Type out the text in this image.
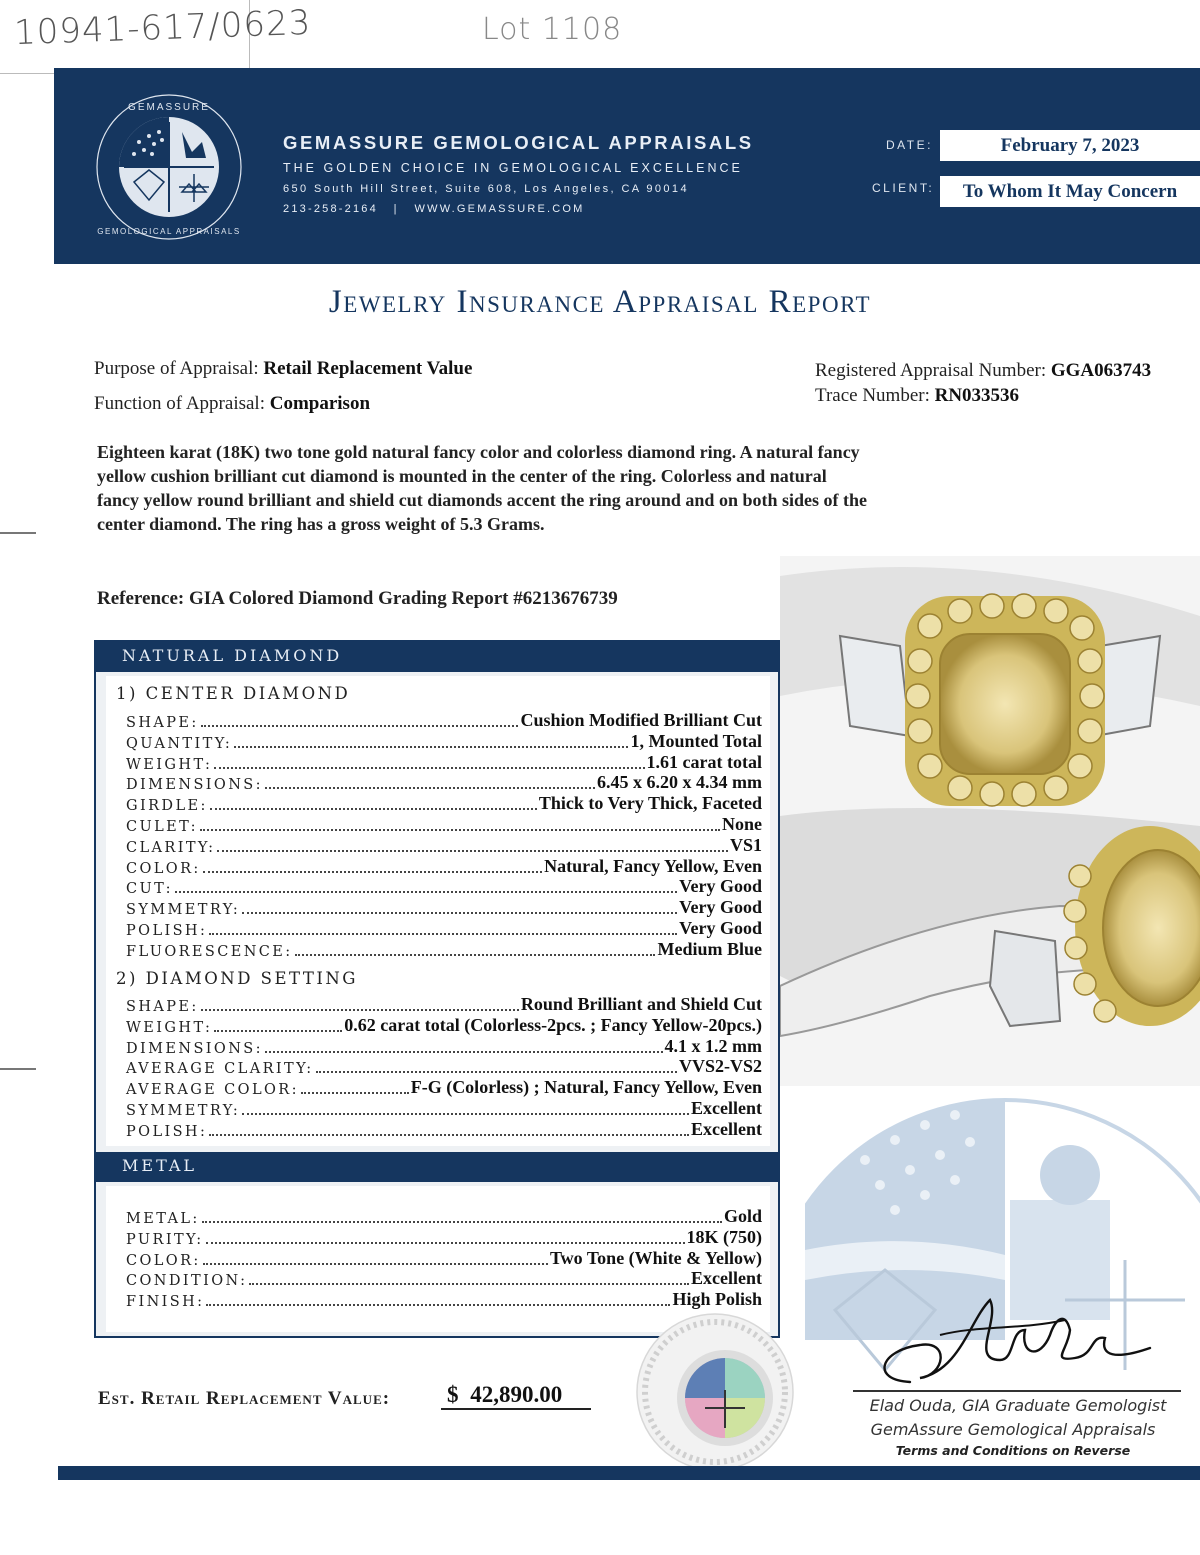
10941-617/0623	Lot 1108
GEMASSURE
GEMOLOGICAL APPRAISALS
GEMASSURE GEMOLOGICAL APPRAISALS
THE GOLDEN CHOICE IN GEMOLOGICAL EXCELLENCE
650 South Hill Street, Suite 608, Los Angeles, CA 90014
213-258-2164   |   WWW.GEMASSURE.COM
DATE:	February 7, 2023
CLIENT:	To Whom It May Concern
Jewelry Insurance Appraisal Report
Purpose of Appraisal: Retail Replacement Value
Function of Appraisal: Comparison
Registered Appraisal Number: GGA063743
Trace Number: RN033536
Eighteen karat (18K) two tone gold natural fancy color and colorless diamond ring. A natural fancy yellow cushion brilliant cut diamond is mounted in the center of the ring. Colorless and natural fancy yellow round brilliant and shield cut diamonds accent the ring around and on both sides of the center diamond. The ring has a gross weight of 5.3 Grams.
Reference: GIA Colored Diamond Grading Report #6213676739
NATURAL DIAMOND
1) CENTER DIAMOND
SHAPE:	Cushion Modified Brilliant Cut
QUANTITY:	1, Mounted Total
WEIGHT:	1.61 carat total
DIMENSIONS:	6.45 x 6.20 x 4.34 mm
GIRDLE:	Thick to Very Thick, Faceted
CULET:	None
CLARITY:	VS1
COLOR:	Natural, Fancy Yellow, Even
CUT:	Very Good
SYMMETRY:	Very Good
POLISH:	Very Good
FLUORESCENCE:	Medium Blue
2) DIAMOND SETTING
SHAPE:	Round Brilliant and Shield Cut
WEIGHT:	0.62 carat total (Colorless-2pcs. ; Fancy Yellow-20pcs.)
DIMENSIONS:	4.1 x 1.2 mm
AVERAGE CLARITY:	VVS2-VS2
AVERAGE COLOR:	F-G (Colorless) ; Natural, Fancy Yellow, Even
SYMMETRY:	Excellent
POLISH:	Excellent
METAL
METAL:	Gold
PURITY:	18K (750)
COLOR:	Two Tone (White & Yellow)
CONDITION:	Excellent
FINISH:	High Polish
Est. Retail Replacement Value: $ 42,890.00	Elad Ouda, GIA Graduate Gemologist
GemAssure Gemological Appraisals
Terms and Conditions on Reverse
